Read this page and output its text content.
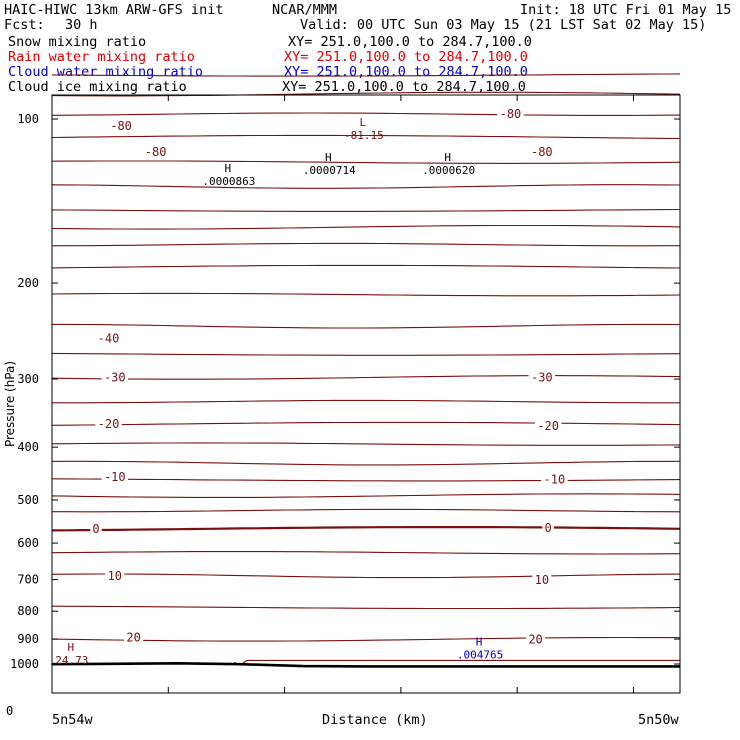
HAIC-HIWC 13km ARW-GFS init	NCAR/MMM	Init: 18 UTC Fri 01 May 15
Fcst: 30 h	Valid: 00 UTC Sun 03 May 15 (21 LST Sat 02 May 15)
Snow mixing ratio	XY= 251.0,100.0 to 284.7,100.0
Rain water mixing ratio	XY= 251.0,100.0 to 284.7,100.0
Cloud water mixing ratio	XY= 251.0,100.0 to 284.7,100.0
Cloud ice mixing ratio	XY= 251.0,100.0 to 284.7,100.0
-80
-80
-80
-80
-40
-30	-30
-20	-20
-10	-10
0	0
10	10
20	20
L
-81.15
H
.0000863
H
.0000714
H
.0000620
H
24.73
H
.004765
100
200
300
400
500
600
700
800
900
1000
Pressure (hPa)
0
5n54w	Distance (km)	5n50w
